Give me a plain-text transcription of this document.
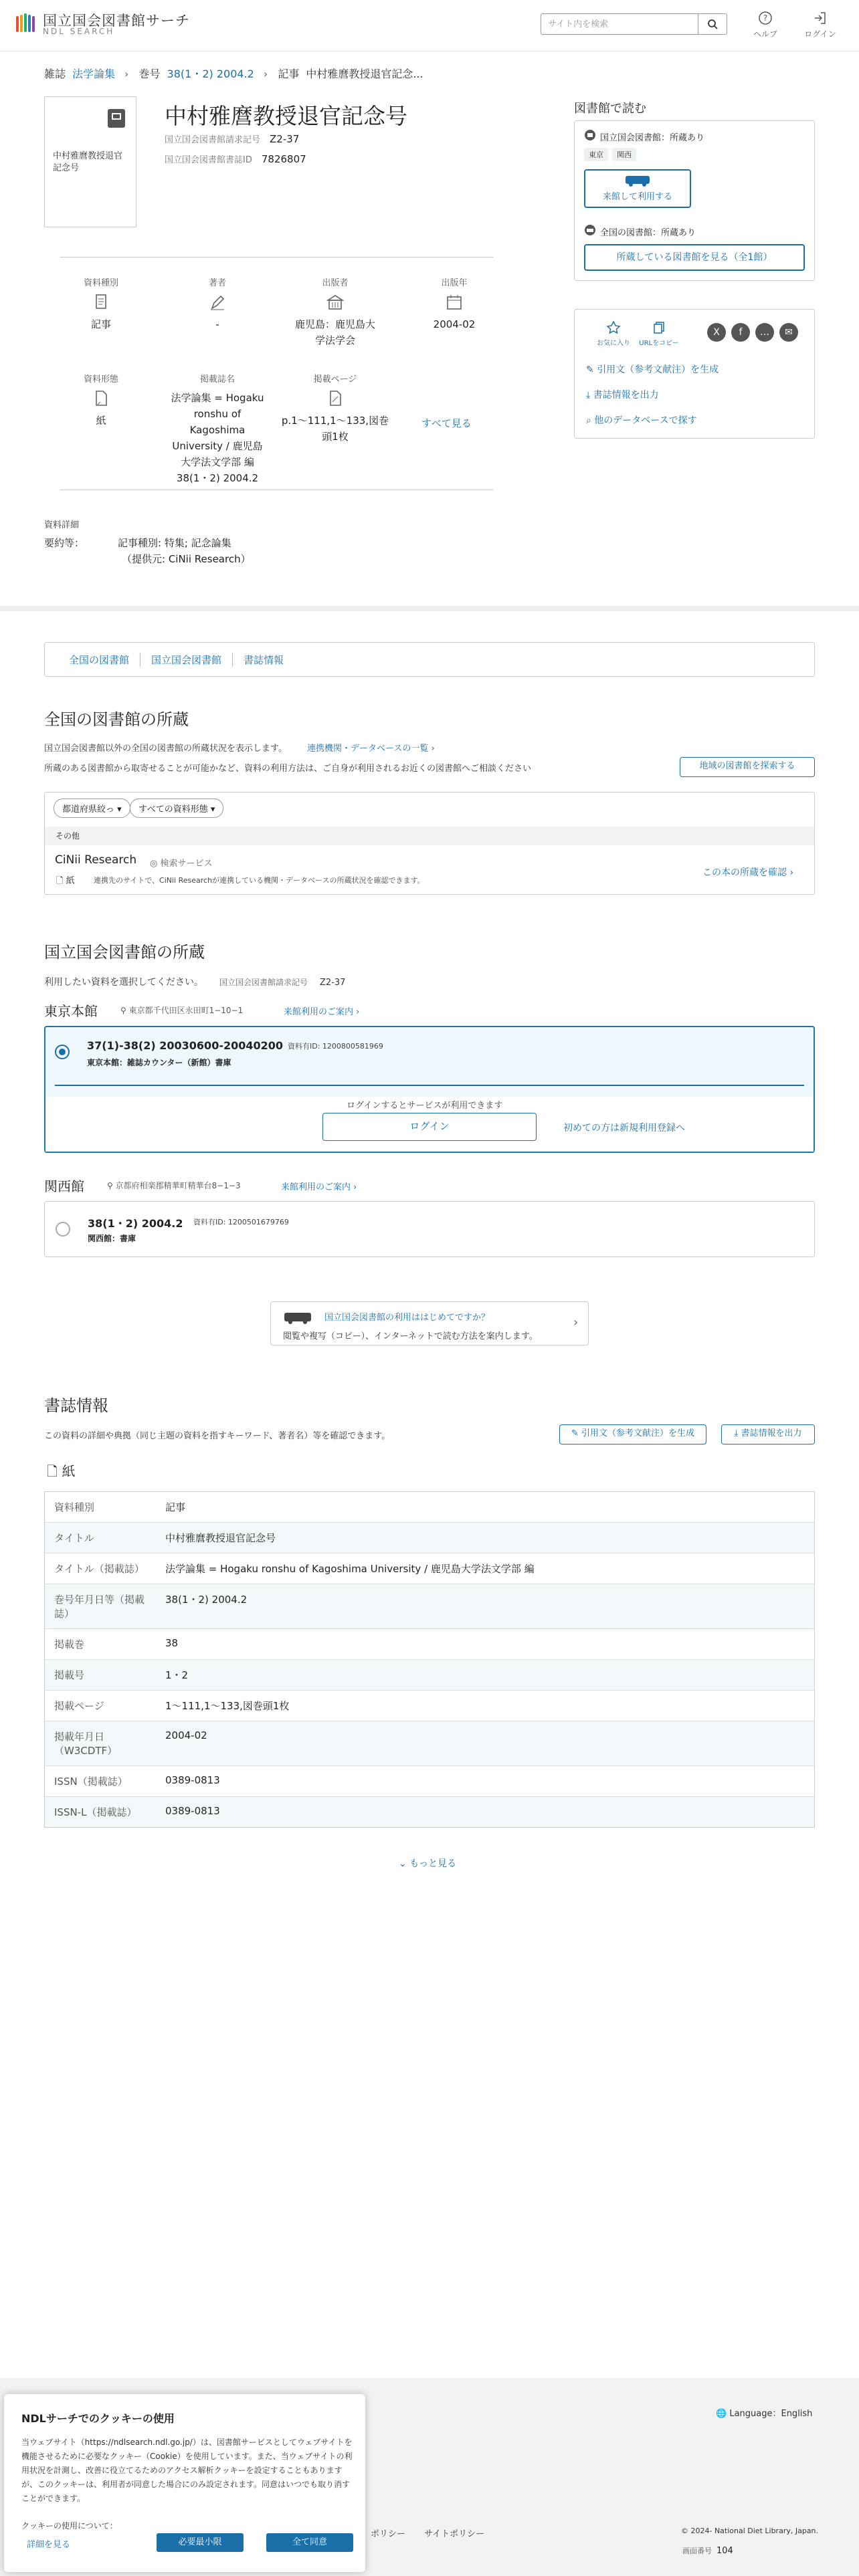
国立国会図書館サーチ
NDL SEARCH
サイト内を検索
?
ヘルプ	ログイン
雑誌 法学論集 › 巻号 38(1・2) 2004.2 › 記事 中村雅麿教授退官記念...
中村雅麿教授退官記念号
中村雅麿教授退官記念号
国立国会図書館請求記号 Z2-37
国立国会図書館書誌ID 7826807
資料種別
記事
著者
-
出版者
鹿児島：鹿児島大学法学会
出版年
2004-02
資料形態
紙
掲載誌名
法学論集 = Hogaku ronshu of Kagoshima University / 鹿児島大学法文学部 編 38(1・2) 2004.2
掲載ページ
p.1〜111,1〜133,図巻頭1枚
すべて見る
資料詳細
要約等：	記事種別: 特集; 記念論集
（提供元: CiNii Research）
図書館で読む
国立国会図書館：所蔵あり
東京 関西
来館して利用する
全国の図書館：所蔵あり
所蔵している図書館を見る（全1館）
お気に入り	URLをコピー
X	f	…	✉
✎ 引用文（参考文献注）を生成
⤓ 書誌情報を出力
⌕ 他のデータベースで探す
全国の図書館	国立国会図書館	書誌情報
全国の図書館の所蔵
国立国会図書館以外の全国の図書館の所蔵状況を表示します。 連携機関・データベースの一覧 ›
所蔵のある図書館から取寄せることが可能かなど、資料の利用方法は、ご自身が利用されるお近くの図書館へご相談ください	地域の図書館を探索する
都道府県絞っ ▾	すべての資料形態 ▾
その他
CiNii Research ◎ 検索サービス
🗋 紙	連携先のサイトで、CiNii Researchが連携している機関・データベースの所蔵状況を確認できます。
この本の所蔵を確認 ›
国立国会図書館の所蔵
利用したい資料を選択してください。 国立国会図書館請求記号 Z2-37
東京本館	⚲ 東京都千代田区永田町1−10−1	来館利用のご案内 ›
37(1)-38(2) 20030600-20040200 資料有ID: 1200800581969
東京本館：雑誌カウンター（新館）書庫
ログインするとサービスが利用できます
ログイン	初めての方は新規利用登録へ
関西館	⚲ 京都府相楽郡精華町精華台8−1−3	来館利用のご案内 ›
38(1・2) 2004.2 資料有ID: 1200501679769
関西館：書庫
国立国会図書館の利用ははじめてですか？
閲覧や複写（コピー）、インターネットで読む方法を案内します。
›
書誌情報
この資料の詳細や典拠（同じ主題の資料を指すキーワード、著者名）等を確認できます。	✎ 引用文（参考文献注）を生成	⤓ 書誌情報を出力
🗋 紙
資料種別	記事
タイトル	中村雅麿教授退官記念号
タイトル（掲載誌）	法学論集 = Hogaku ronshu of Kagoshima University / 鹿児島大学法文学部 編
巻号年月日等（掲載誌）
38(1・2) 2004.2
掲載巻	38
掲載号	1・2
掲載ページ	1〜111,1〜133,図巻頭1枚
掲載年月日（W3CDTF）
2004-02
ISSN（掲載誌）	0389-0813
ISSN-L（掲載誌）	0389-0813
⌄ もっと見る
🌐 Language：English
ポリシー サイトポリシー	© 2024- National Diet Library, Japan.
画面番号 104
NDLサーチでのクッキーの使用
当ウェブサイト（https://ndlsearch.ndl.go.jp/）は、図書館サービスとしてウェブサイトを機能させるために必要なクッキー（Cookie）を使用しています。また、当ウェブサイトの利用状況を計測し、改善に役立てるためのアクセス解析クッキーを設定することもありますが、このクッキーは、利用者が同意した場合にのみ設定されます。同意はいつでも取り消すことができます。
クッキーの使用について：
詳細を見る	必要最小限	全て同意
